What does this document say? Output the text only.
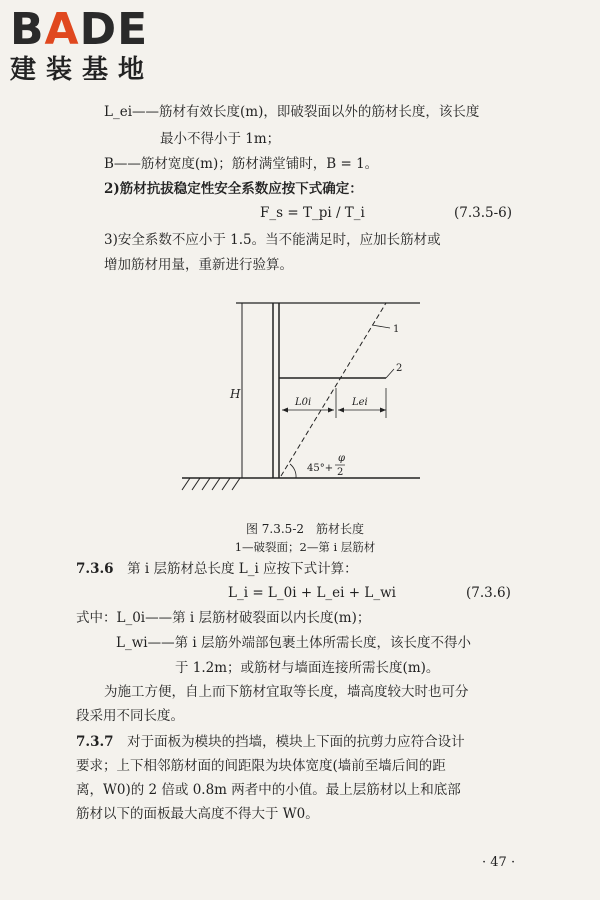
BADE
建装基地
L_ei——筋材有效长度(m)，即破裂面以外的筋材长度，该长度
最小不得小于 1m；
B——筋材宽度(m)；筋材满堂铺时，B = 1。
2)筋材抗拔稳定性安全系数应按下式确定：
F_s = T_pi / T_i	(7.3.5-6)
3)安全系数不应小于 1.5。当不能满足时，应加长筋材或
增加筋材用量，重新进行验算。
H
1
2
L0i	Lei
45°+
φ
2
图 7.3.5-2　筋材长度
1—破裂面；2—第 i 层筋材
7.3.6　 第 i 层筋材总长度 L_i 应按下式计算：
L_i = L_0i + L_ei + L_wi	(7.3.6)
式中：L_0i——第 i 层筋材破裂面以内长度(m)；
L_wi——第 i 层筋外端部包裹土体所需长度，该长度不得小
于 1.2m；或筋材与墙面连接所需长度(m)。
为施工方便，自上而下筋材宜取等长度，墙高度较大时也可分
段采用不同长度。
7.3.7　 对于面板为模块的挡墙，模块上下面的抗剪力应符合设计
要求；上下相邻筋材面的间距限为块体宽度(墙前至墙后间的距
离，W0)的 2 倍或 0.8m 两者中的小值。最上层筋材以上和底部
筋材以下的面板最大高度不得大于 W0。
· 47 ·
